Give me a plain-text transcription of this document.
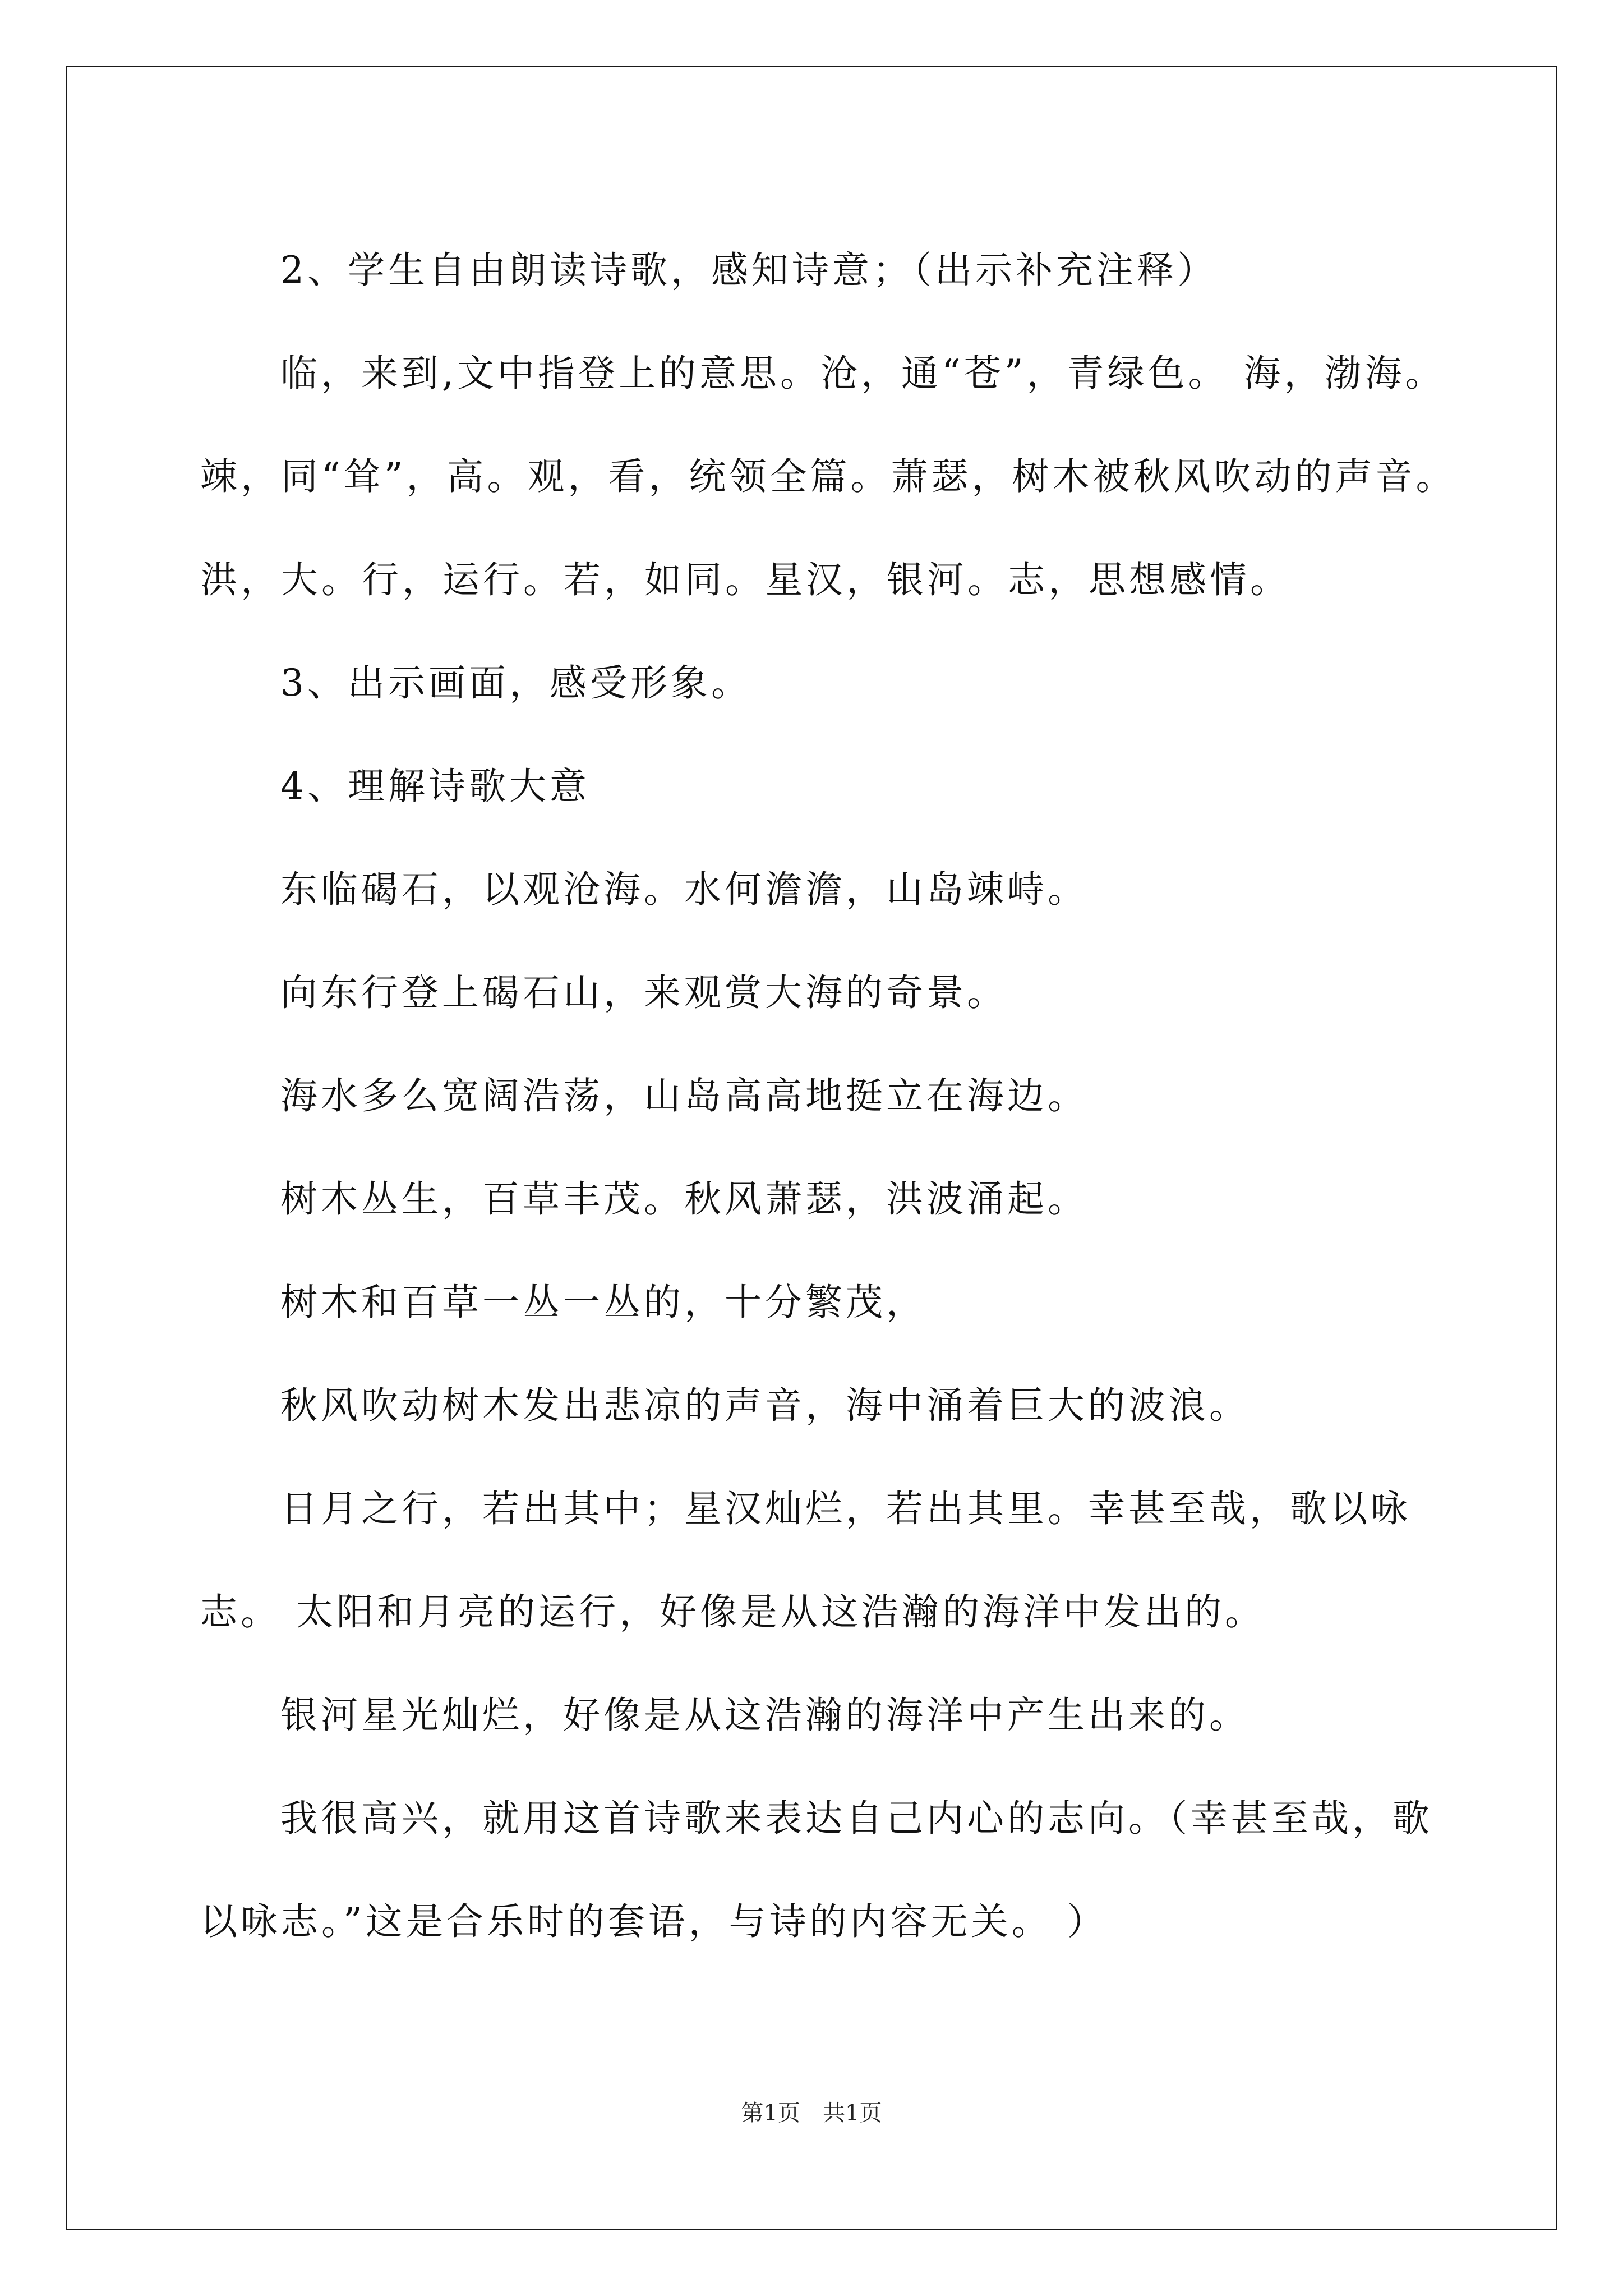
2、学生自由朗读诗歌，感知诗意；（出示补充注释）
临，来到,文中指登上的意思。沧，通“苍”，青绿色。 海，渤海。
竦，同“耸”，高。观，看，统领全篇。萧瑟，树木被秋风吹动的声音。
洪，大。行，运行。若，如同。星汉，银河。志，思想感情。
3、出示画面，感受形象。
4、理解诗歌大意
东临碣石，以观沧海。水何澹澹，山岛竦峙。
向东行登上碣石山，来观赏大海的奇景。
海水多么宽阔浩荡，山岛高高地挺立在海边。
树木丛生，百草丰茂。秋风萧瑟，洪波涌起。
树木和百草一丛一丛的，十分繁茂，
秋风吹动树木发出悲凉的声音，海中涌着巨大的波浪。
日月之行，若出其中；星汉灿烂，若出其里。幸甚至哉，歌以咏
志。 太阳和月亮的运行，好像是从这浩瀚的海洋中发出的。
银河星光灿烂，好像是从这浩瀚的海洋中产生出来的。
我很高兴，就用这首诗歌来表达自己内心的志向。（幸甚至哉，歌
以咏志。”这是合乐时的套语，与诗的内容无关。 ）
第1页　共1页
